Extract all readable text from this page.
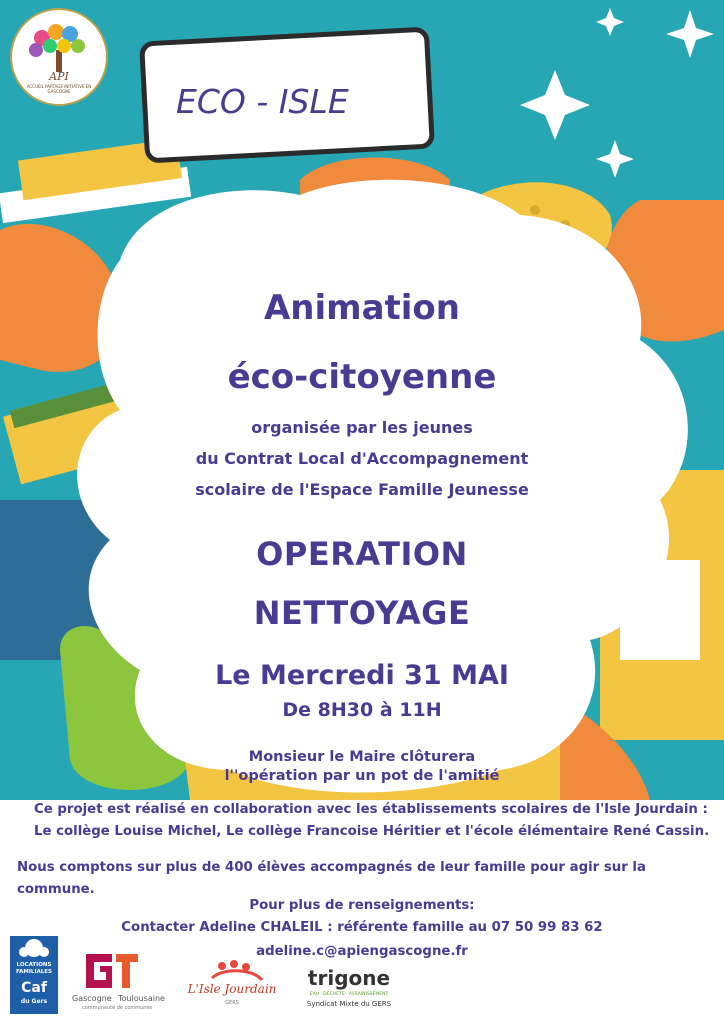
API
ACCUEIL PARTAGE INITIATIVE EN GASCOGNE	ECO - ISLE
Animation
éco-citoyenne
organisée par les jeunes
du Contrat Local d'Accompagnement
scolaire de l'Espace Famille Jeunesse
OPERATION
NETTOYAGE
Le Mercredi 31 MAI
De 8H30 à 11H
Monsieur le Maire clôturera
l''opération par un pot de l'amitié
Ce projet est réalisé en collaboration avec les établissements scolaires de l'Isle Jourdain :
Le collège Louise Michel, Le collège Francoise Héritier et l'école élémentaire René Cassin.
Nous comptons sur plus de 400 élèves accompagnés de leur famille pour agir sur la
commune.
Pour plus de renseignements:
Contacter Adeline CHALEIL : référente famille au 07 50 99 83 62
adeline.c@apiengascogne.fr
LOCATIONS
FAMILIALES
Caf
du Gers	Gascogne Toulousaine
communauté de communes
L'Isle Jourdain
GERS
trigone
EAU · DÉCHETS · ASSAINISSEMENT
Syndicat Mixte du GERS
